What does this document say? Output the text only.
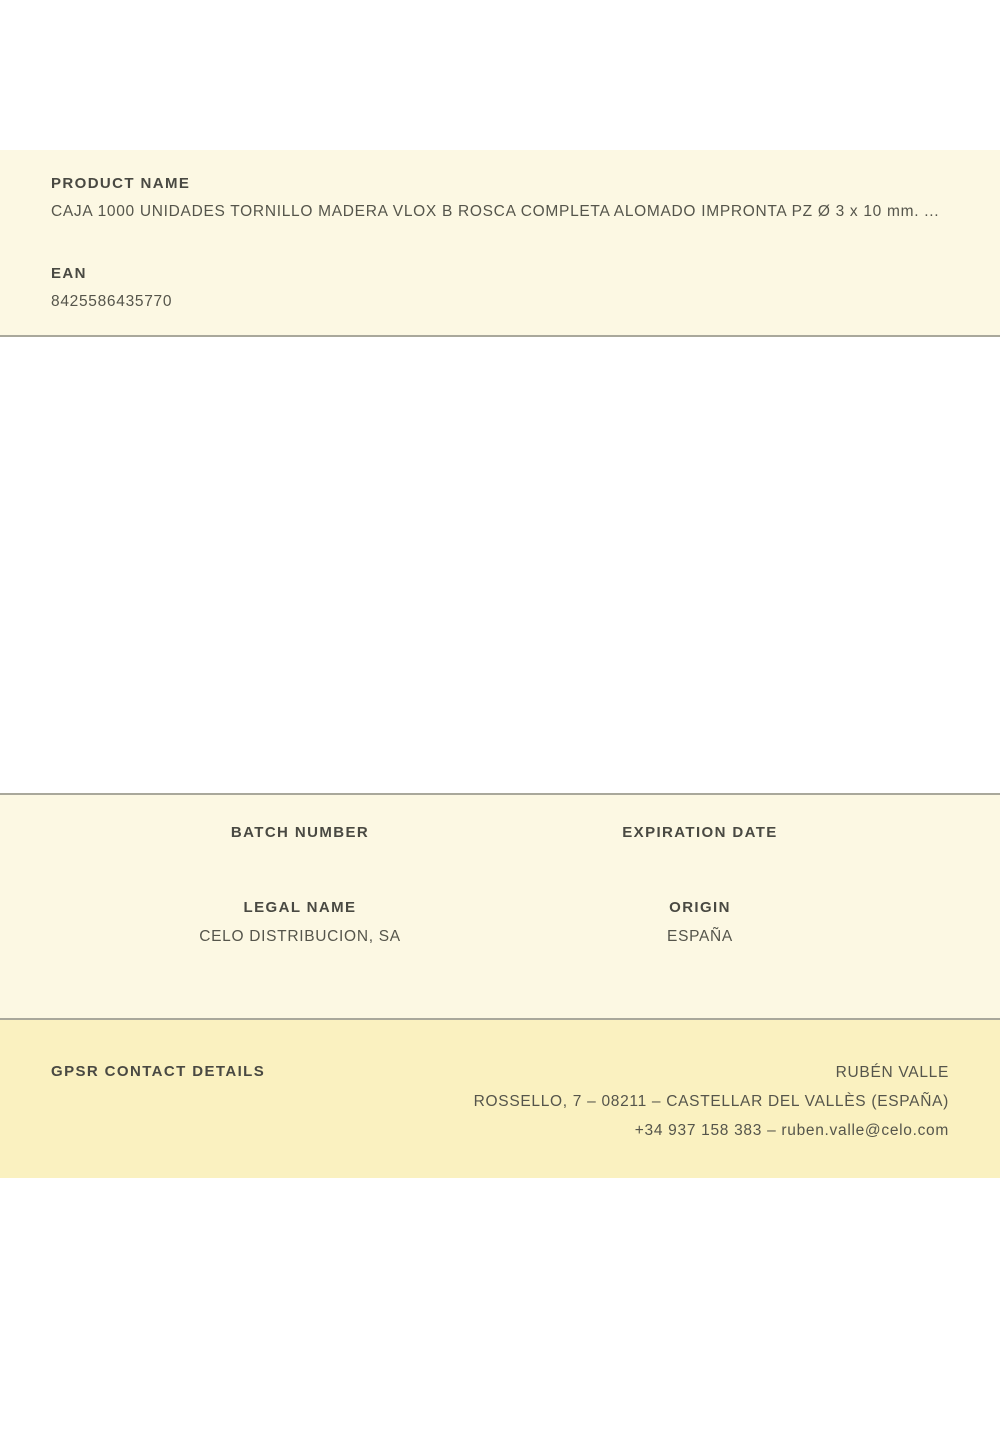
PRODUCT NAME
CAJA 1000 UNIDADES TORNILLO MADERA VLOX B ROSCA COMPLETA ALOMADO IMPRONTA PZ Ø 3 x 10 mm. ...
EAN
8425586435770
BATCH NUMBER	EXPIRATION DATE
LEGAL NAME
CELO DISTRIBUCION, SA
ORIGIN
ESPAÑA
GPSR CONTACT DETAILS	RUBÉN VALLE
ROSSELLO, 7 – 08211 – CASTELLAR DEL VALLÈS (ESPAÑA)
+34 937 158 383 – ruben.valle@celo.com
